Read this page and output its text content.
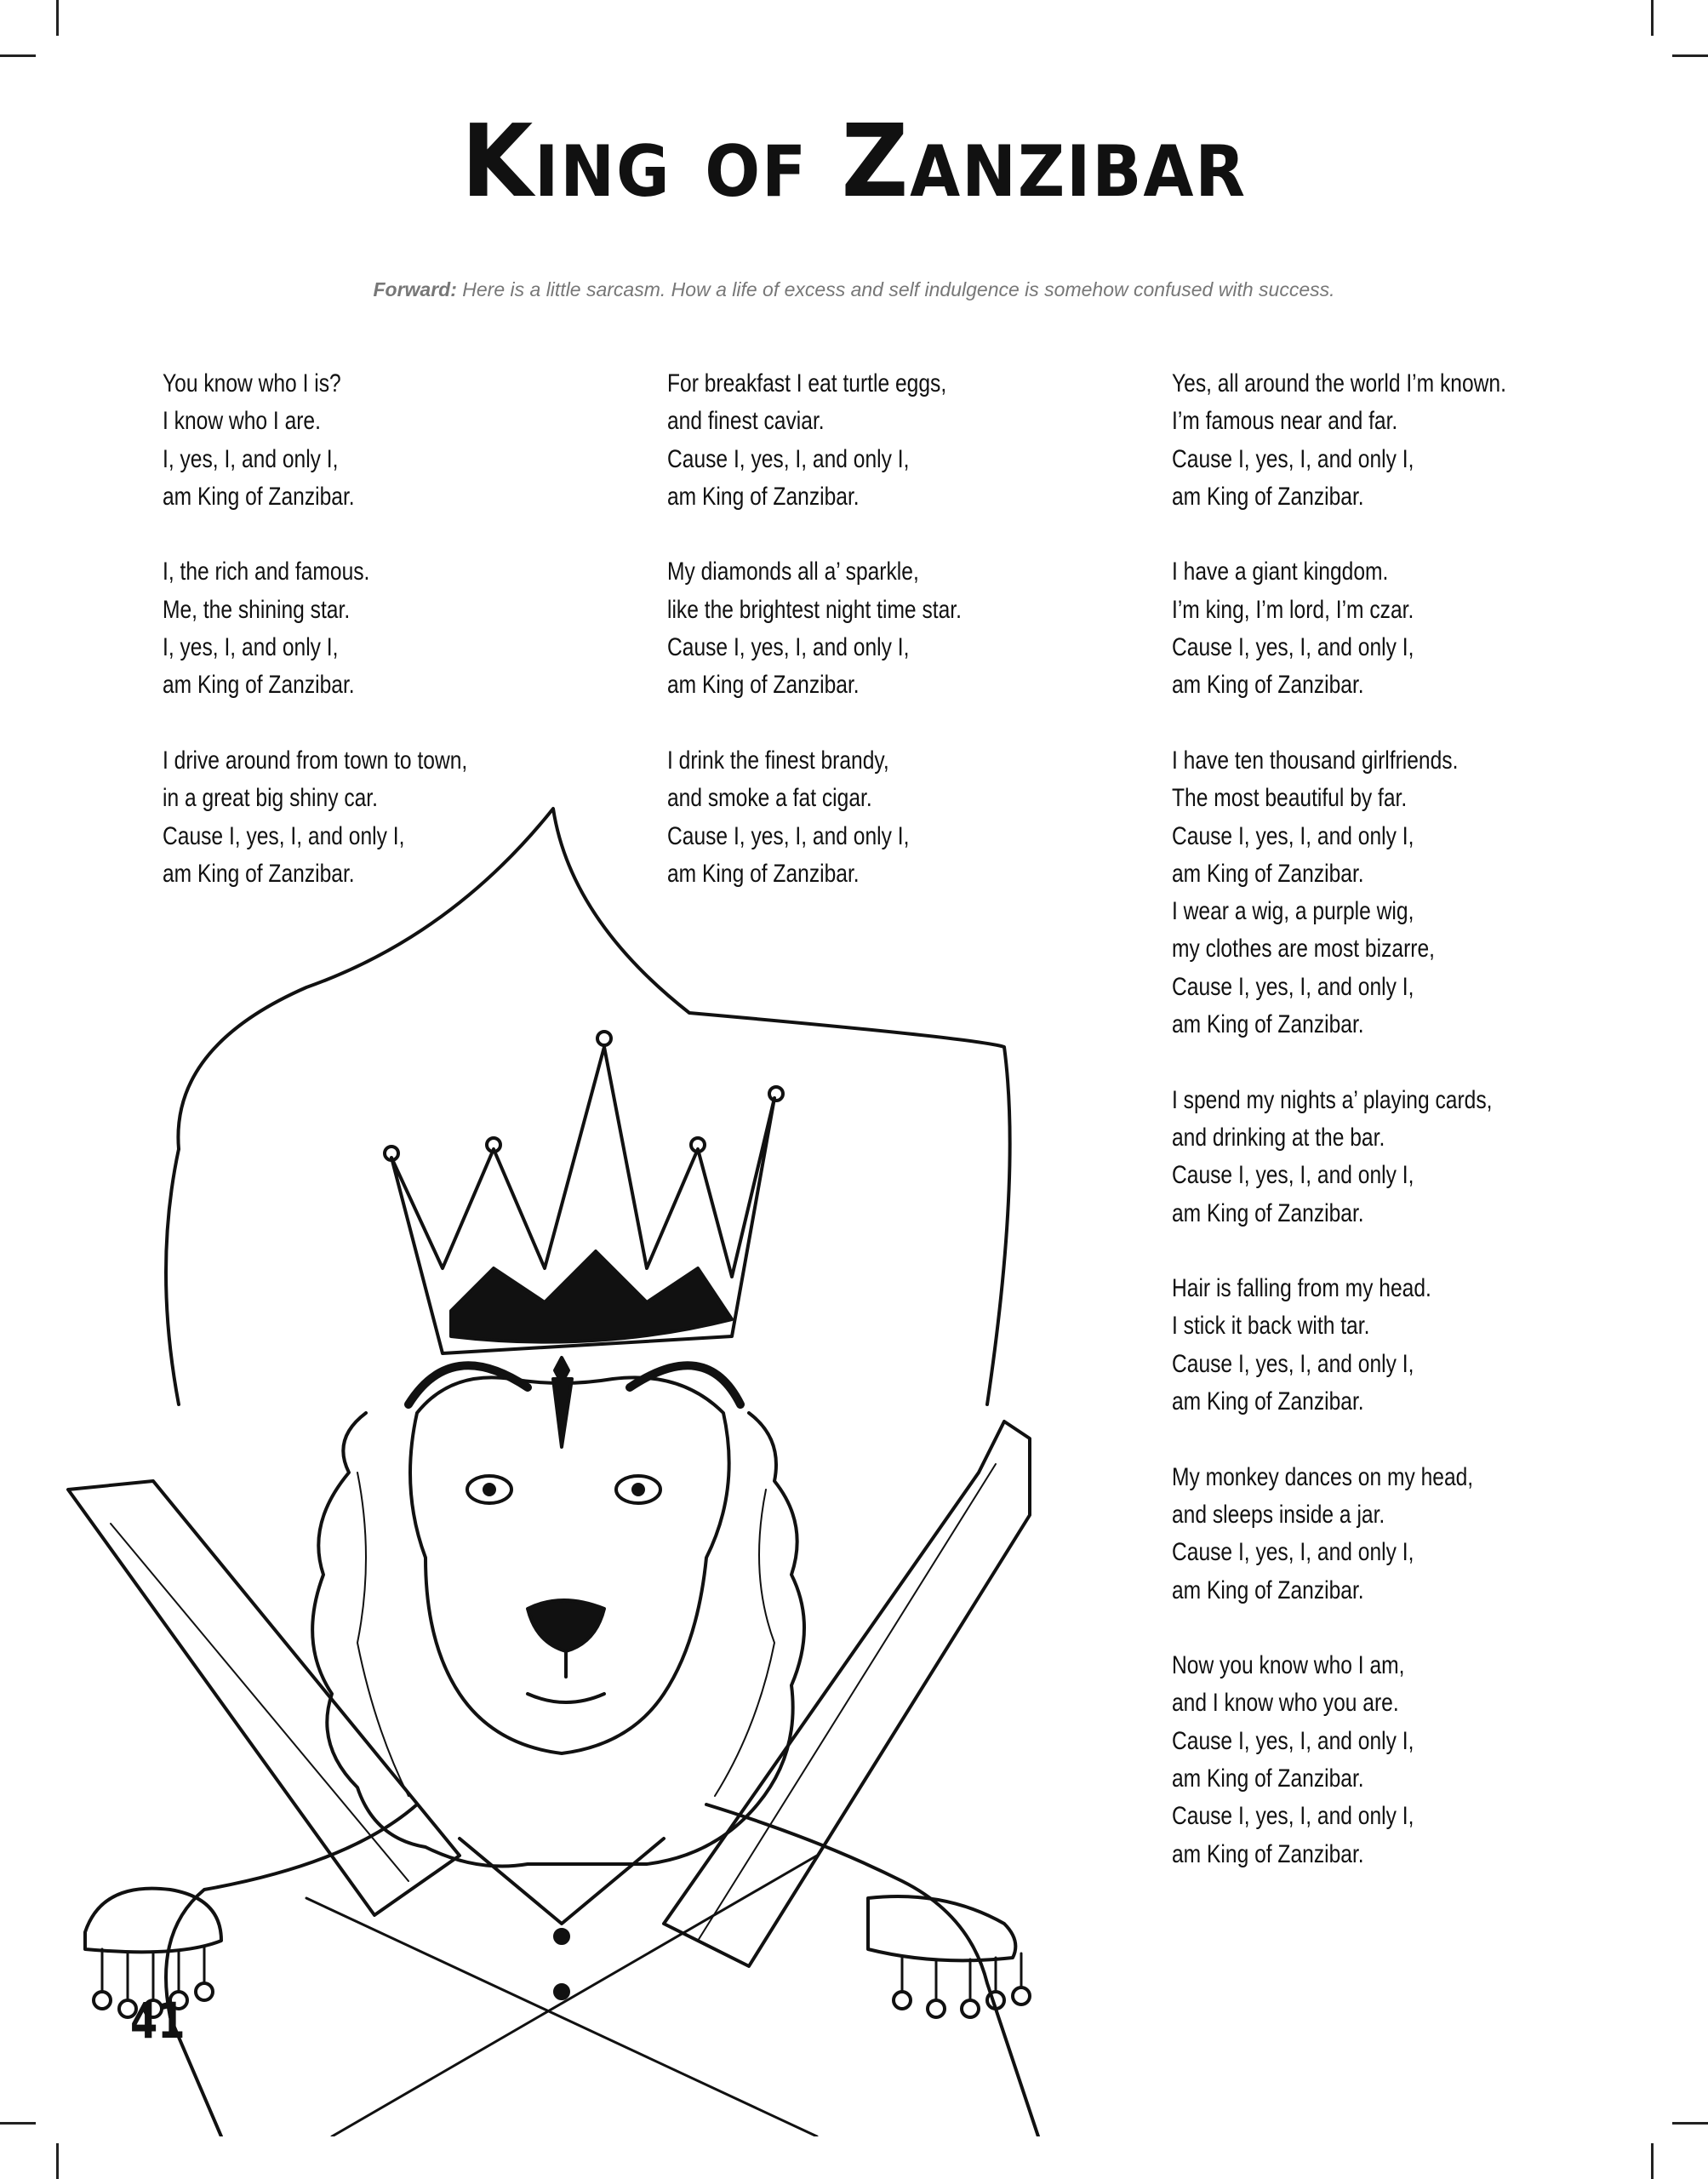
King of Zanzibar
Forward: Here is a little sarcasm. How a life of excess and self indulgence is somehow confused with success.
You know who I is?
I know who I are.
I, yes, I, and only I,
am King of Zanzibar.
I, the rich and famous.
Me, the shining star.
I, yes, I, and only I,
am King of Zanzibar.
I drive around from town to town,
in a great big shiny car.
Cause I, yes, I, and only I,
am King of Zanzibar.
For breakfast I eat turtle eggs,
and finest caviar.
Cause I, yes, I, and only I,
am King of Zanzibar.
My diamonds all a’ sparkle,
like the brightest night time star.
Cause I, yes, I, and only I,
am King of Zanzibar.
I drink the finest brandy,
and smoke a fat cigar.
Cause I, yes, I, and only I,
am King of Zanzibar.
Yes, all around the world I’m known.
I’m famous near and far.
Cause I, yes, I, and only I,
am King of Zanzibar.
I have a giant kingdom.
I’m king, I’m lord, I’m czar.
Cause I, yes, I, and only I,
am King of Zanzibar.
I have ten thousand girlfriends.
The most beautiful by far.
Cause I, yes, I, and only I,
am King of Zanzibar.
I wear a wig, a purple wig,
my clothes are most bizarre,
Cause I, yes, I, and only I,
am King of Zanzibar.
I spend my nights a’ playing cards,
and drinking at the bar.
Cause I, yes, I, and only I,
am King of Zanzibar.
Hair is falling from my head.
I stick it back with tar.
Cause I, yes, I, and only I,
am King of Zanzibar.
My monkey dances on my head,
and sleeps inside a jar.
Cause I, yes, I, and only I,
am King of Zanzibar.
Now you know who I am,
and I know who you are.
Cause I, yes, I, and only I,
am King of Zanzibar.
Cause I, yes, I, and only I,
am King of Zanzibar.
41
